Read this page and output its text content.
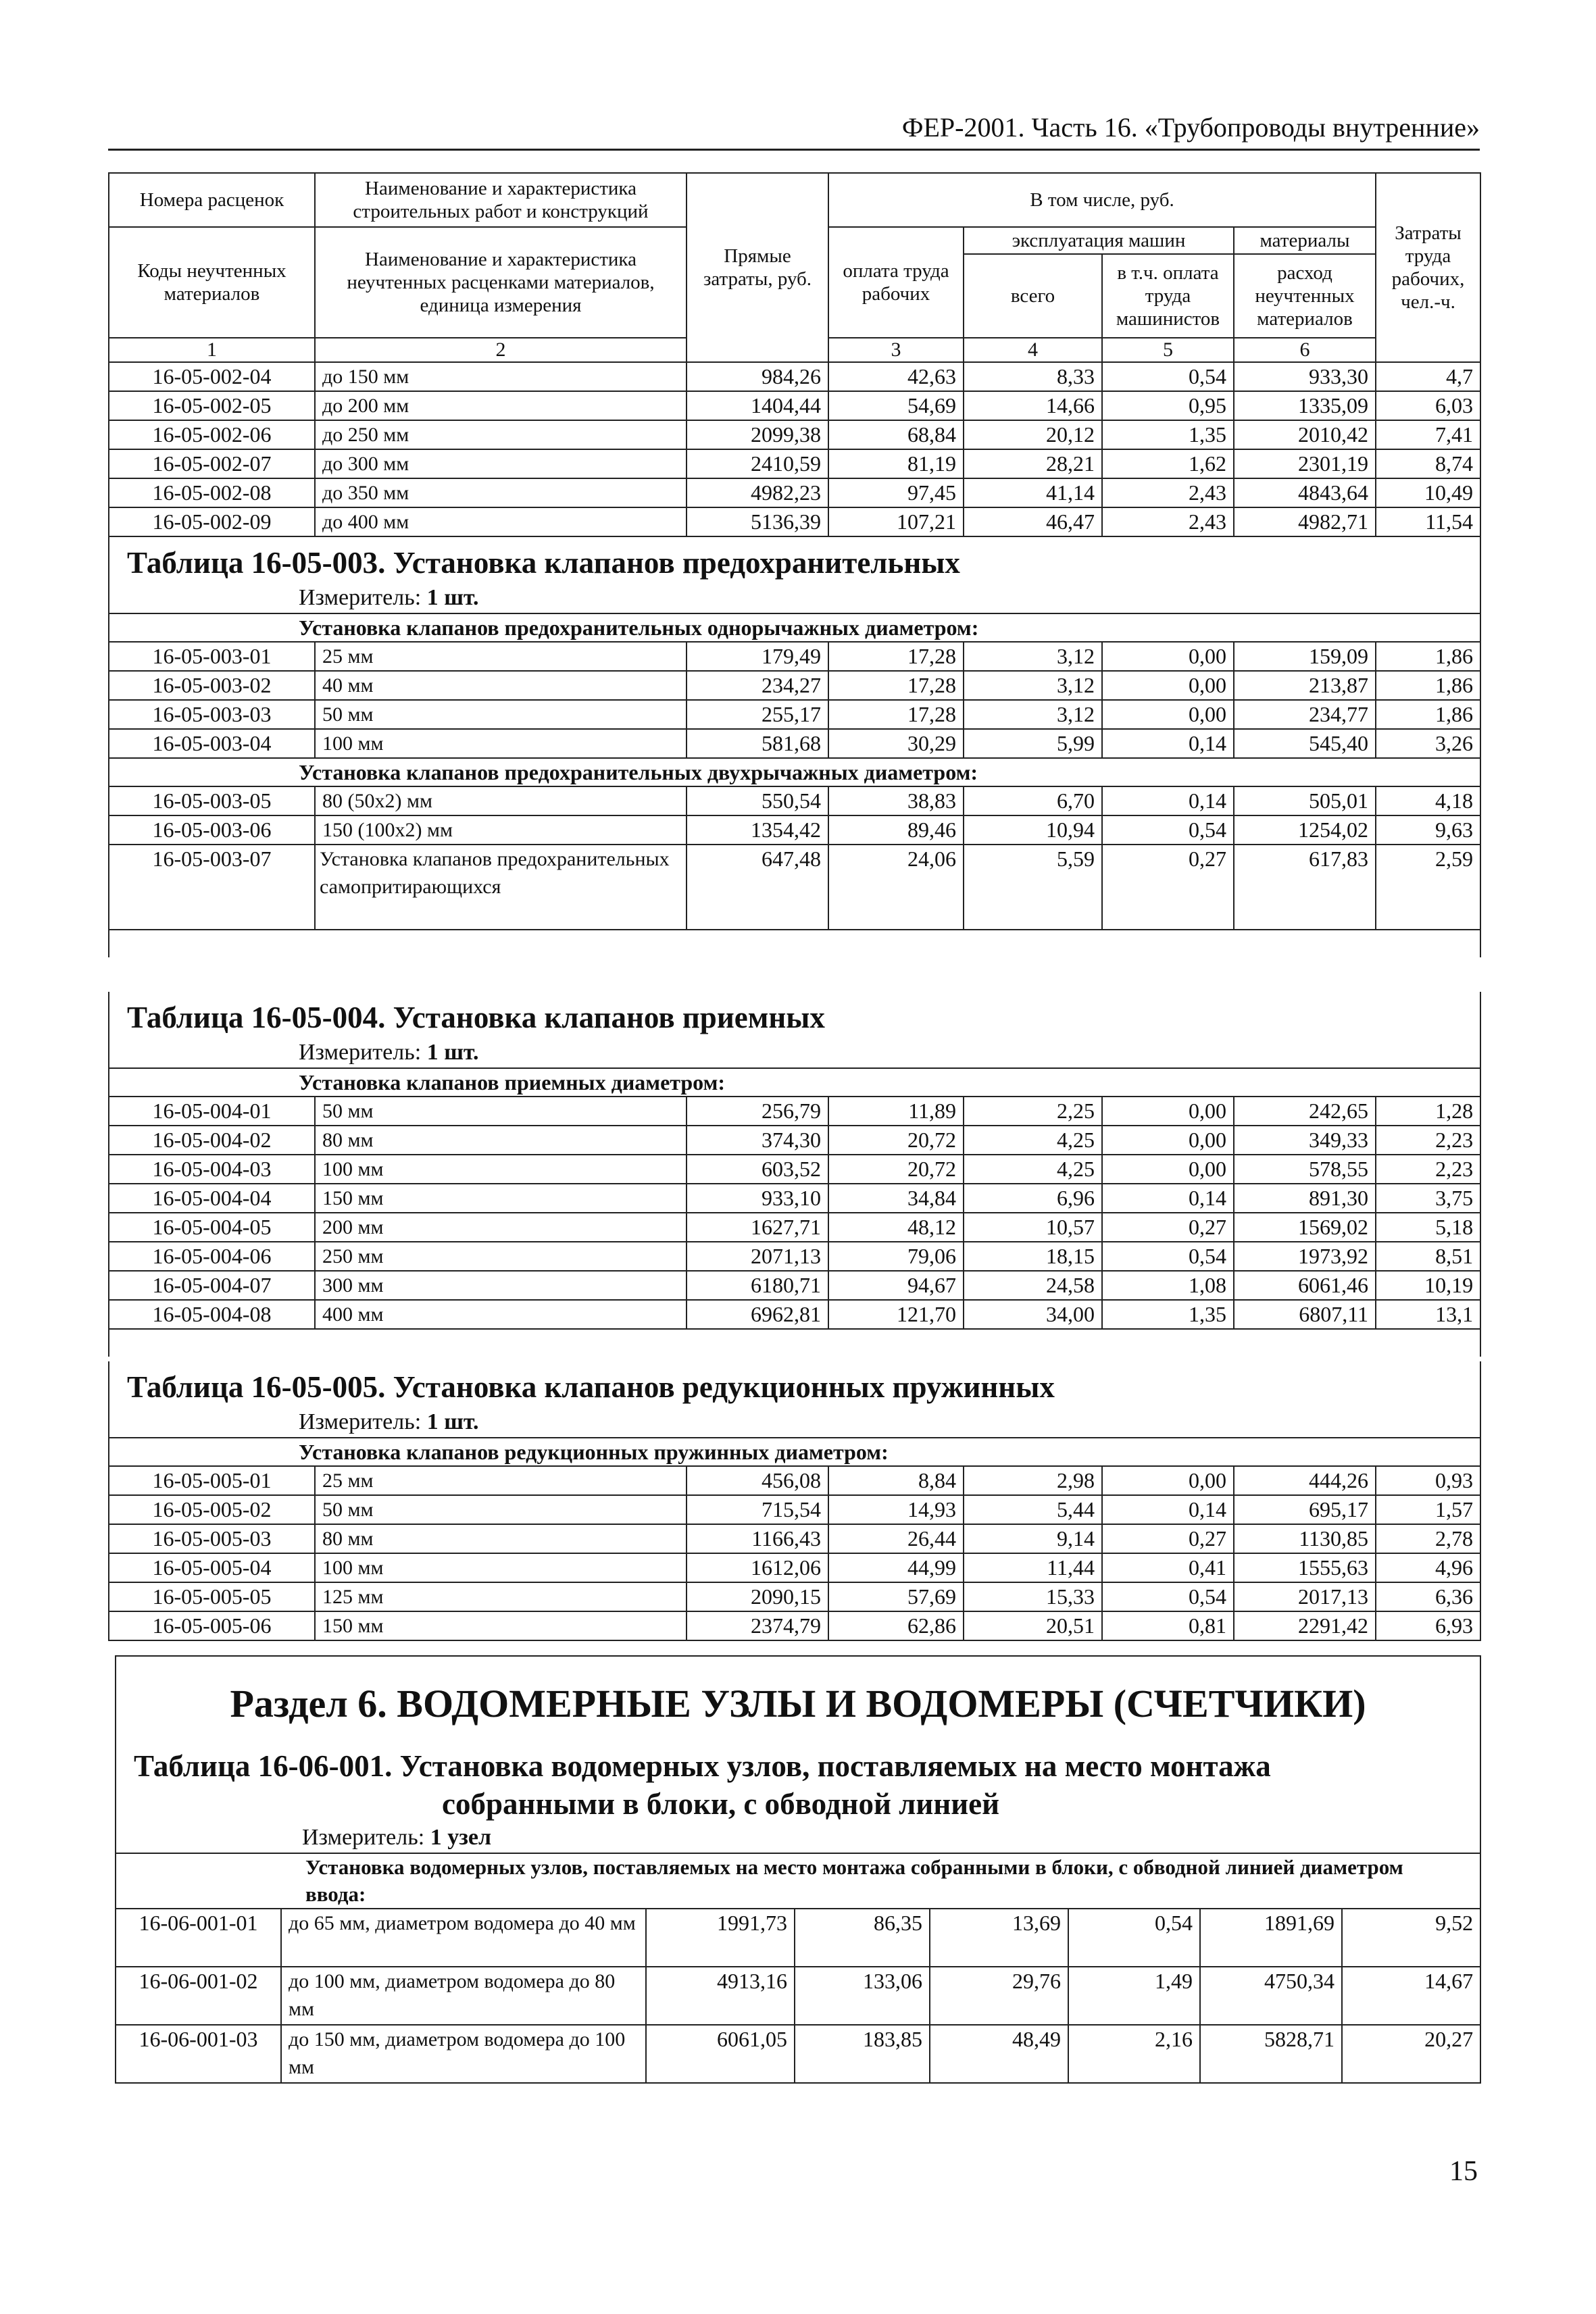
ФЕР-2001. Часть 16. «Трубопроводы внутренние»
Номера расценок	Наименование и характеристика строительных работ и конструкций	Прямые затраты, руб.	В том числе, руб.				Затраты труда рабочих, чел.-ч.	
Коды неучтенных материалов	Наименование и характеристика неучтенных расценками материалов, единица измерения		оплата труда рабочих	эксплуатация машин		материалы		
				всего	в т.ч. оплата труда машинистов	расход неучтенных материалов		
1	2		3	4	5	6		
16-05-002-04	до 150 мм	984,26	42,63	8,33	0,54	933,30	4,7	
16-05-002-05	до 200 мм	1404,44	54,69	14,66	0,95	1335,09	6,03	
16-05-002-06	до 250 мм	2099,38	68,84	20,12	1,35	2010,42	7,41	
16-05-002-07	до 300 мм	2410,59	81,19	28,21	1,62	2301,19	8,74	
16-05-002-08	до 350 мм	4982,23	97,45	41,14	2,43	4843,64	10,49	
16-05-002-09	до 400 мм	5136,39	107,21	46,47	2,43	4982,71	11,54	
Таблица 16-05-003. Установка клапанов предохранительных							
Измеритель: 1 шт.							
Установка клапанов предохранительных однорычажных диаметром:							
16-05-003-01	25 мм	179,49	17,28	3,12	0,00	159,09	1,86
16-05-003-02	40 мм	234,27	17,28	3,12	0,00	213,87	1,86
16-05-003-03	50 мм	255,17	17,28	3,12	0,00	234,77	1,86
16-05-003-04	100 мм	581,68	30,29	5,99	0,14	545,40	3,26
Установка клапанов предохранительных двухрычажных диаметром:							
16-05-003-05	80 (50х2) мм	550,54	38,83	6,70	0,14	505,01	4,18
16-05-003-06	150 (100х2) мм	1354,42	89,46	10,94	0,54	1254,02	9,63
16-05-003-07	Установка клапанов предохранительных самопритирающихся	647,48	24,06	5,59	0,27	617,83	2,59

Таблица 16-05-004. Установка клапанов приемных							
Измеритель: 1 шт.							
Установка клапанов приемных диаметром:							
16-05-004-01	50 мм	256,79	11,89	2,25	0,00	242,65	1,28
16-05-004-02	80 мм	374,30	20,72	4,25	0,00	349,33	2,23
16-05-004-03	100 мм	603,52	20,72	4,25	0,00	578,55	2,23
16-05-004-04	150 мм	933,10	34,84	6,96	0,14	891,30	3,75
16-05-004-05	200 мм	1627,71	48,12	10,57	0,27	1569,02	5,18
16-05-004-06	250 мм	2071,13	79,06	18,15	0,54	1973,92	8,51
16-05-004-07	300 мм	6180,71	94,67	24,58	1,08	6061,46	10,19
16-05-004-08	400 мм	6962,81	121,70	34,00	1,35	6807,11	13,1

Таблица 16-05-005. Установка клапанов редукционных пружинных							
Измеритель: 1 шт.							
Установка клапанов редукционных пружинных диаметром:							
16-05-005-01	25 мм	456,08	8,84	2,98	0,00	444,26	0,93
16-05-005-02	50 мм	715,54	14,93	5,44	0,14	695,17	1,57
16-05-005-03	80 мм	1166,43	26,44	9,14	0,27	1130,85	2,78
16-05-005-04	100 мм	1612,06	44,99	11,44	0,41	1555,63	4,96
16-05-005-05	125 мм	2090,15	57,69	15,33	0,54	2017,13	6,36
16-05-005-06	150 мм	2374,79	62,86	20,51	0,81	2291,42	6,93
Раздел 6. ВОДОМЕРНЫЕ УЗЛЫ И ВОДОМЕРЫ (СЧЕТЧИКИ)							
Таблица 16-06-001. Установка водомерных узлов, поставляемых на место монтажа
собранными в блоки, с обводной линией							

Измеритель: 1 узел							
Установка водомерных узлов, поставляемых на место монтажа собранными в блоки, с обводной линией диаметром ввода:							
16-06-001-01	до 65 мм, диаметром водомера до 40 мм	1991,73	86,35	13,69	0,54	1891,69	9,52
16-06-001-02	до 100 мм, диаметром водомера до 80 мм	4913,16	133,06	29,76	1,49	4750,34	14,67
16-06-001-03	до 150 мм, диаметром водомера до 100 мм	6061,05	183,85	48,49	2,16	5828,71	20,27
15
